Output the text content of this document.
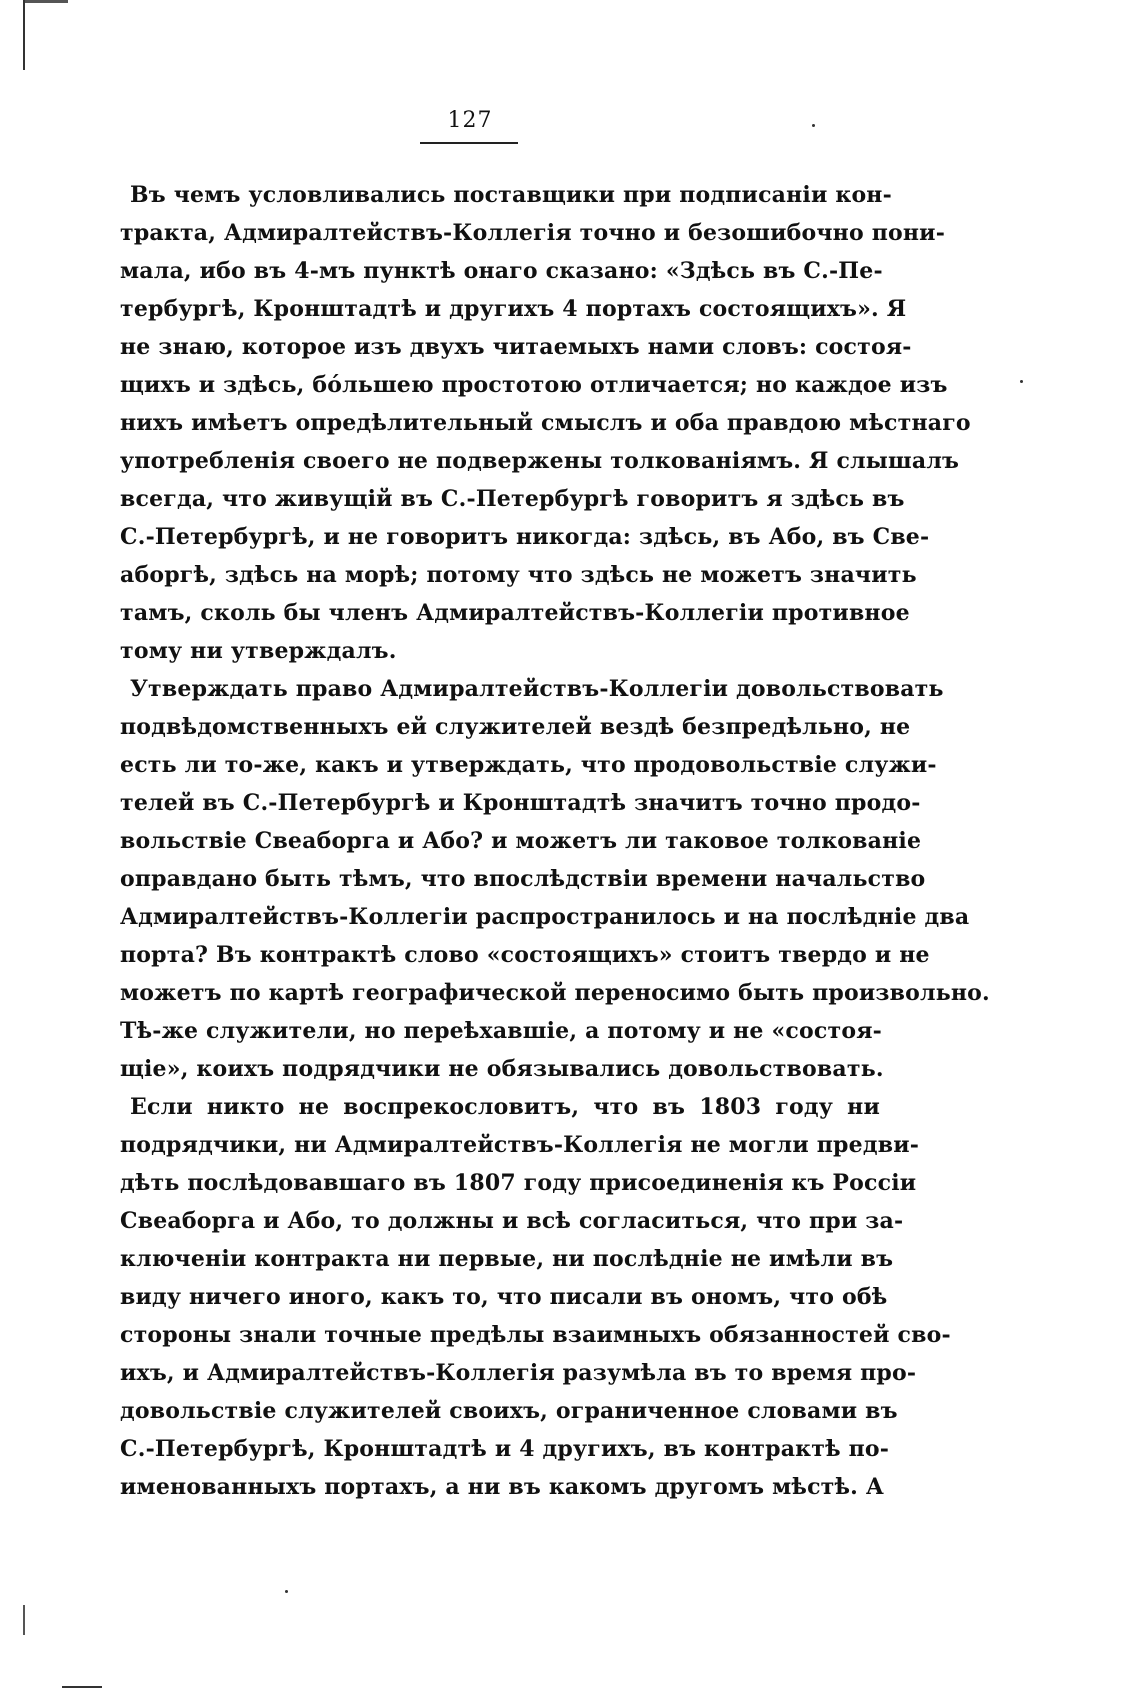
127
Въ чемъ условливались поставщики при подписаніи кон-
тракта, Адмиралтействъ-Коллегія точно и безошибочно пони-
мала, ибо въ 4-мъ пунктѣ онаго сказано: «Здѣсь въ С.-Пе-
тербургѣ, Кронштадтѣ и другихъ 4 портахъ состоящихъ». Я
не знаю, которое изъ двухъ читаемыхъ нами словъ: состоя-
щихъ и здѣсь, бóльшею простотою отличается; но каждое изъ
нихъ имѣетъ опредѣлительный смыслъ и оба правдою мѣстнаго
употребленія своего не подвержены толкованіямъ. Я слышалъ
всегда, что живущій въ С.-Петербургѣ говоритъ я здѣсь въ
С.-Петербургѣ, и не говоритъ никогда: здѣсь, въ Або, въ Све-
аборгѣ, здѣсь на морѣ; потому что здѣсь не можетъ значить
тамъ, сколь бы членъ Адмиралтействъ-Коллегіи противное
тому ни утверждалъ.
Утверждать право Адмиралтействъ-Коллегіи довольствовать
подвѣдомственныхъ ей служителей вездѣ безпредѣльно, не
есть ли то-же, какъ и утверждать, что продовольствіе служи-
телей въ С.-Петербургѣ и Кронштадтѣ значитъ точно продо-
вольствіе Свеаборга и Або? и можетъ ли таковое толкованіе
оправдано быть тѣмъ, что впослѣдствіи времени начальство
Адмиралтействъ-Коллегіи распространилось и на послѣдніе два
порта? Въ контрактѣ слово «состоящихъ» стоитъ твердо и не
можетъ по картѣ географической переносимо быть произвольно.
Тѣ-же служители, но переѣхавшіе, а потому и не «состоя-
щіе», коихъ подрядчики не обязывались довольствовать.
Если никто не воспрекословитъ, что въ 1803 году ни
подрядчики, ни Адмиралтействъ-Коллегія не могли предви-
дѣть послѣдовавшаго въ 1807 году присоединенія къ Россіи
Свеаборга и Або, то должны и всѣ согласиться, что при за-
ключеніи контракта ни первые, ни послѣдніе не имѣли въ
виду ничего иного, какъ то, что писали въ ономъ, что обѣ
стороны знали точные предѣлы взаимныхъ обязанностей сво-
ихъ, и Адмиралтействъ-Коллегія разумѣла въ то время про-
довольствіе служителей своихъ, ограниченное словами въ
С.-Петербургѣ, Кронштадтѣ и 4 другихъ, въ контрактѣ по-
именованныхъ портахъ, а ни въ какомъ другомъ мѣстѣ. А
